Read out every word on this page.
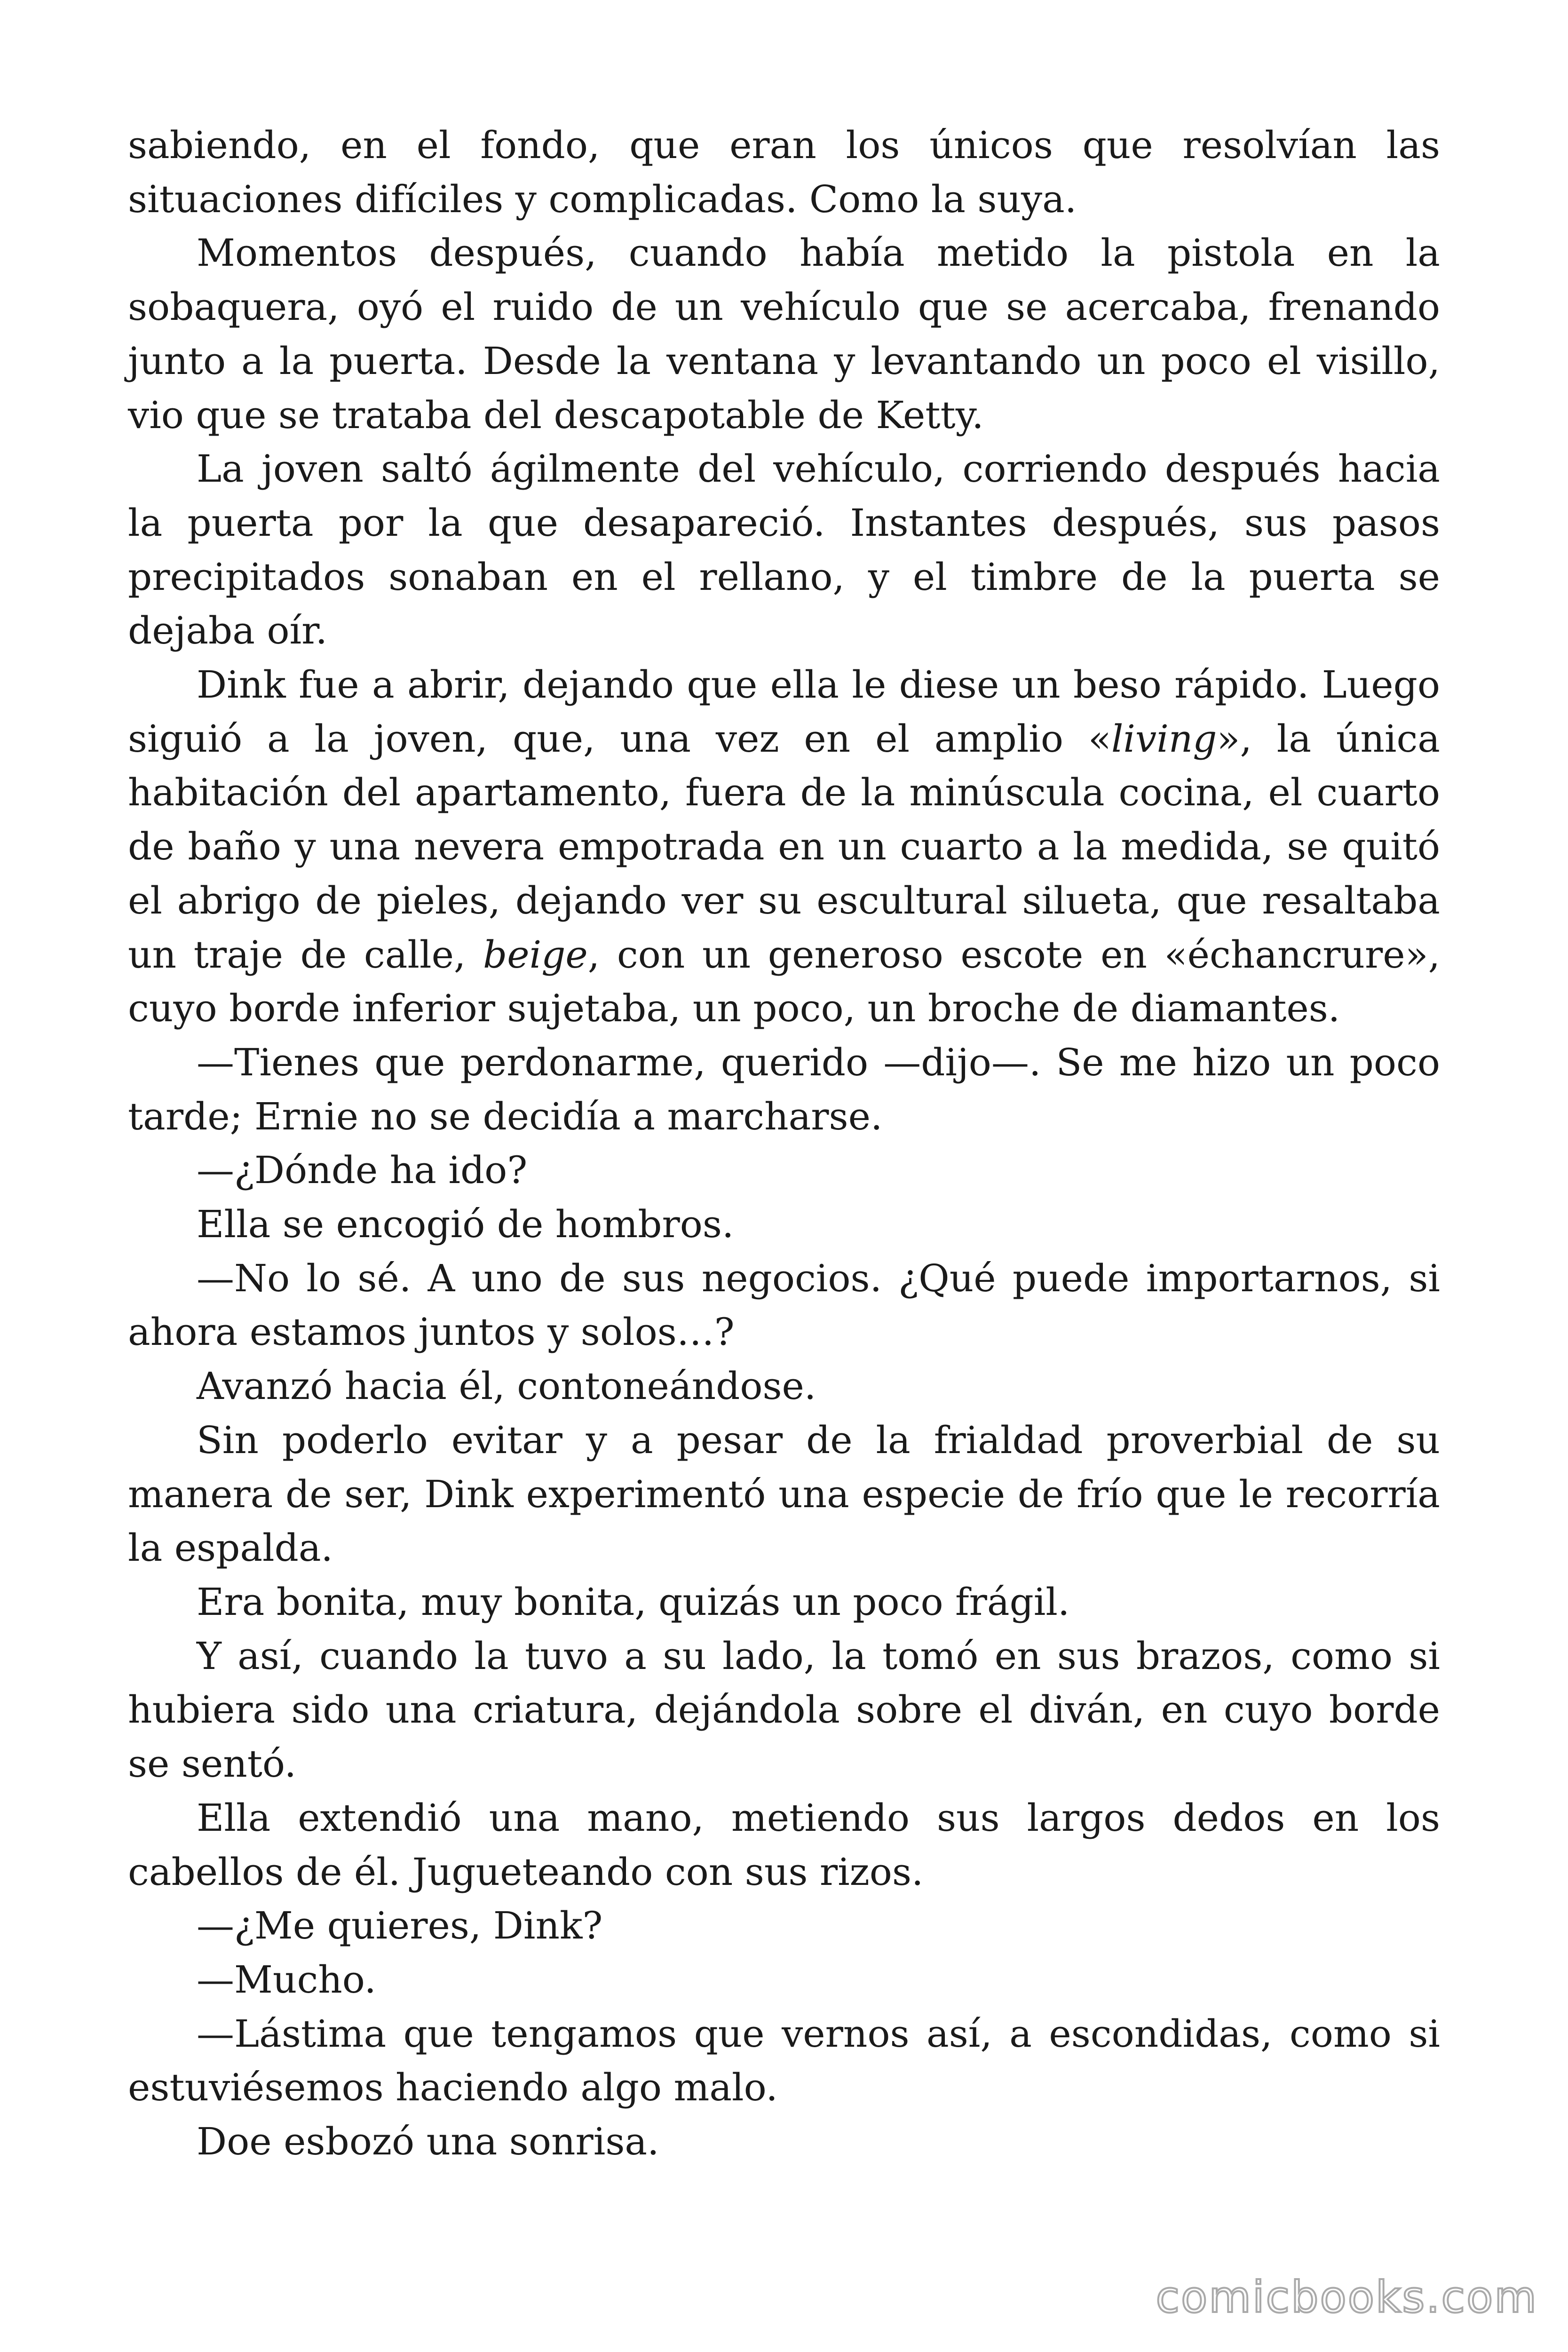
sabiendo, en el fondo, que eran los únicos que resolvían las situaciones difíciles y complicadas. Como la suya.

Momentos después, cuando había metido la pistola en la sobaquera, oyó el ruido de un vehículo que se acercaba, frenando junto a la puerta. Desde la ventana y levantando un poco el visillo, vio que se trataba del descapotable de Ketty.

La joven saltó ágilmente del vehículo, corriendo después hacia la puerta por la que desapareció. Instantes después, sus pasos precipitados sonaban en el rellano, y el timbre de la puerta se dejaba oír.

Dink fue a abrir, dejando que ella le diese un beso rápido. Luego siguió a la joven, que, una vez en el amplio «living», la única habitación del apartamento, fuera de la minúscula cocina, el cuarto de baño y una nevera empotrada en un cuarto a la medida, se quitó el abrigo de pieles, dejando ver su escultural silueta, que resaltaba un traje de calle, beige, con un generoso escote en «échancrure», cuyo borde inferior sujetaba, un poco, un broche de diamantes.

—Tienes que perdonarme, querido —dijo—. Se me hizo un poco tarde; Ernie no se decidía a marcharse.

—¿Dónde ha ido?

Ella se encogió de hombros.

—No lo sé. A uno de sus negocios. ¿Qué puede importarnos, si ahora estamos juntos y solos…?

Avanzó hacia él, contoneándose.

Sin poderlo evitar y a pesar de la frialdad proverbial de su manera de ser, Dink experimentó una especie de frío que le recorría la espalda.

Era bonita, muy bonita, quizás un poco frágil.

Y así, cuando la tuvo a su lado, la tomó en sus brazos, como si hubiera sido una criatura, dejándola sobre el diván, en cuyo borde se sentó.

Ella extendió una mano, metiendo sus largos dedos en los cabellos de él. Jugueteando con sus rizos.

—¿Me quieres, Dink?

—Mucho.

—Lástima que tengamos que vernos así, a escondidas, como si estuviésemos haciendo algo malo.

Doe esbozó una sonrisa.

comicbooks.com
